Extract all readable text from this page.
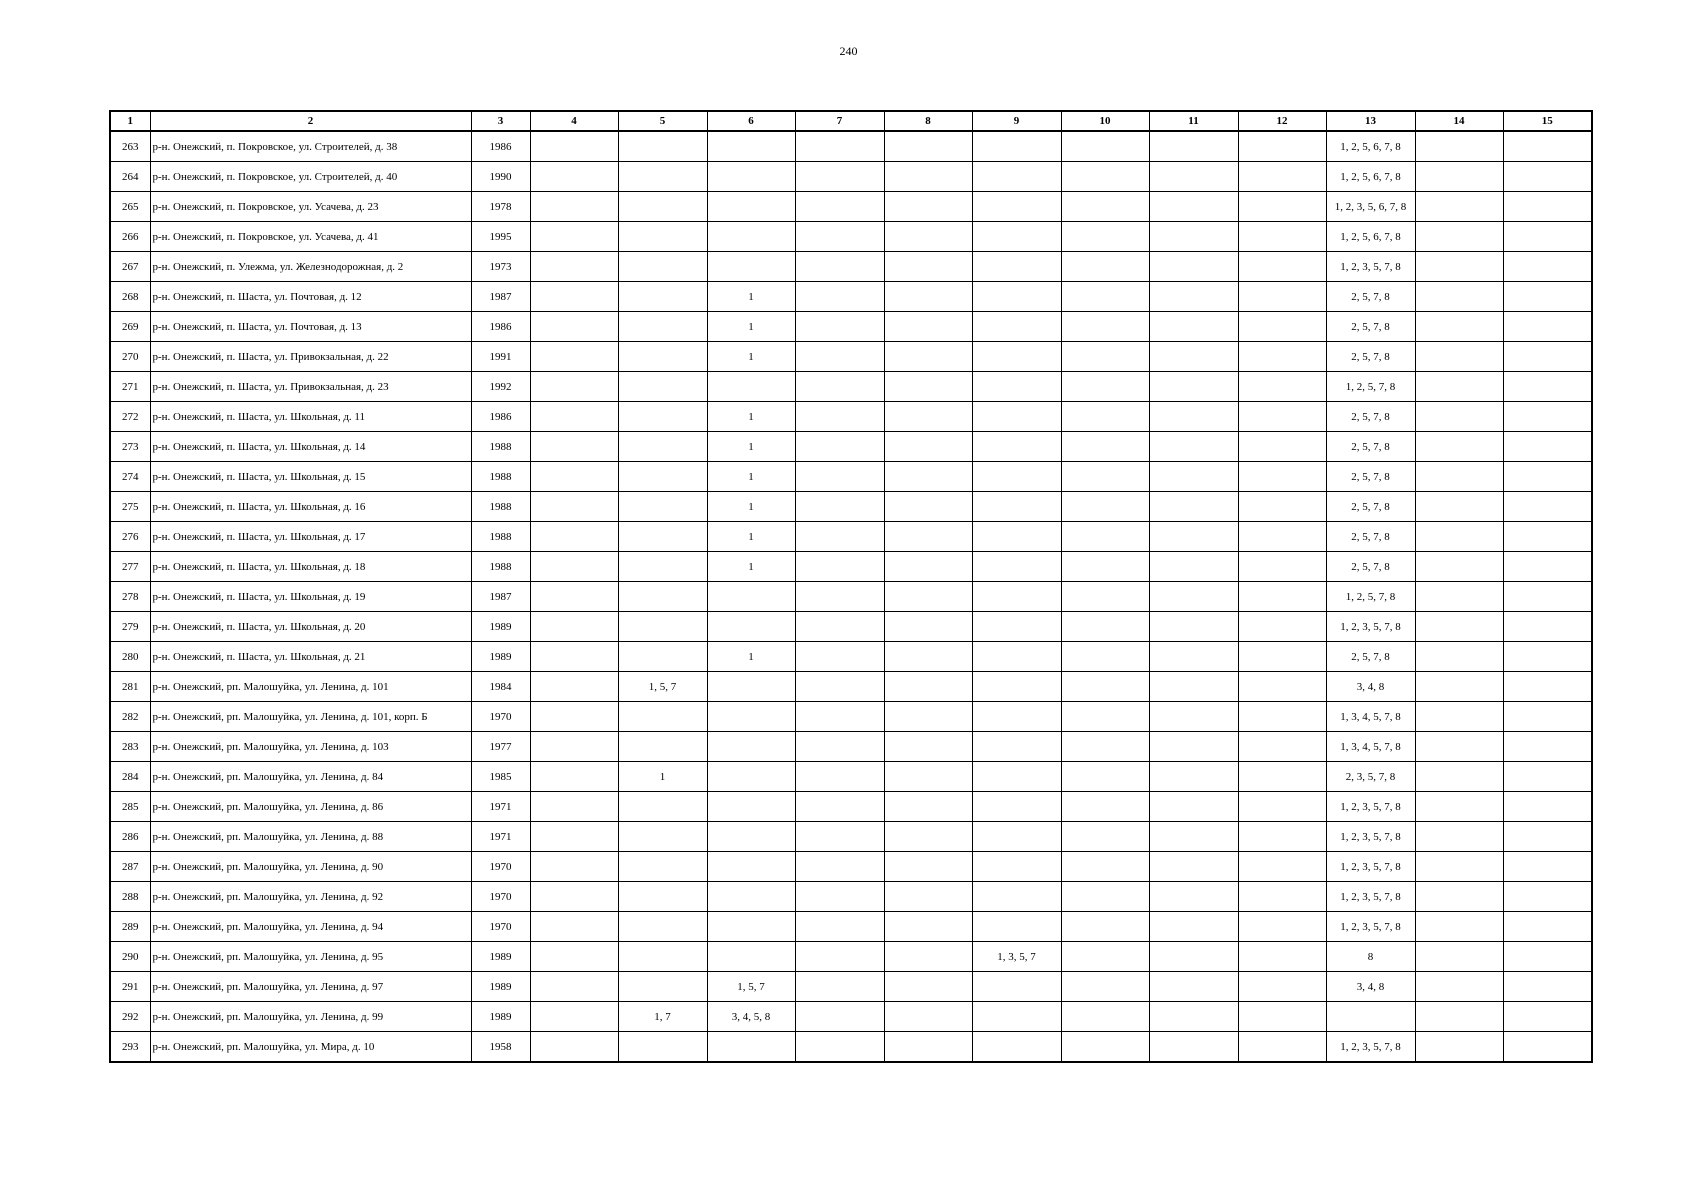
240
1	2	3	4	5	6	7	8	9	10	11	12	13	14	15
263	р-н. Онежский, п. Покровское, ул. Строителей, д. 38	1986										1, 2, 5, 6, 7, 8		
264	р-н. Онежский, п. Покровское, ул. Строителей, д. 40	1990										1, 2, 5, 6, 7, 8		
265	р-н. Онежский, п. Покровское, ул. Усачева, д. 23	1978										1, 2, 3, 5, 6, 7, 8		
266	р-н. Онежский, п. Покровское, ул. Усачева, д. 41	1995										1, 2, 5, 6, 7, 8		
267	р-н. Онежский, п. Улежма, ул. Железнодорожная, д. 2	1973										1, 2, 3, 5, 7, 8		
268	р-н. Онежский, п. Шаста, ул. Почтовая, д. 12	1987			1							2, 5, 7, 8		
269	р-н. Онежский, п. Шаста, ул. Почтовая, д. 13	1986			1							2, 5, 7, 8		
270	р-н. Онежский, п. Шаста, ул. Привокзальная, д. 22	1991			1							2, 5, 7, 8		
271	р-н. Онежский, п. Шаста, ул. Привокзальная, д. 23	1992										1, 2, 5, 7, 8		
272	р-н. Онежский, п. Шаста, ул. Школьная, д. 11	1986			1							2, 5, 7, 8		
273	р-н. Онежский, п. Шаста, ул. Школьная, д. 14	1988			1							2, 5, 7, 8		
274	р-н. Онежский, п. Шаста, ул. Школьная, д. 15	1988			1							2, 5, 7, 8		
275	р-н. Онежский, п. Шаста, ул. Школьная, д. 16	1988			1							2, 5, 7, 8		
276	р-н. Онежский, п. Шаста, ул. Школьная, д. 17	1988			1							2, 5, 7, 8		
277	р-н. Онежский, п. Шаста, ул. Школьная, д. 18	1988			1							2, 5, 7, 8		
278	р-н. Онежский, п. Шаста, ул. Школьная, д. 19	1987										1, 2, 5, 7, 8		
279	р-н. Онежский, п. Шаста, ул. Школьная, д. 20	1989										1, 2, 3, 5, 7, 8		
280	р-н. Онежский, п. Шаста, ул. Школьная, д. 21	1989			1							2, 5, 7, 8		
281	р-н. Онежский, рп. Малошуйка, ул. Ленина, д. 101	1984		1, 5, 7								3, 4, 8		
282	р-н. Онежский, рп. Малошуйка, ул. Ленина, д. 101, корп. Б	1970										1, 3, 4, 5, 7, 8		
283	р-н. Онежский, рп. Малошуйка, ул. Ленина, д. 103	1977										1, 3, 4, 5, 7, 8		
284	р-н. Онежский, рп. Малошуйка, ул. Ленина, д. 84	1985		1								2, 3, 5, 7, 8		
285	р-н. Онежский, рп. Малошуйка, ул. Ленина, д. 86	1971										1, 2, 3, 5, 7, 8		
286	р-н. Онежский, рп. Малошуйка, ул. Ленина, д. 88	1971										1, 2, 3, 5, 7, 8		
287	р-н. Онежский, рп. Малошуйка, ул. Ленина, д. 90	1970										1, 2, 3, 5, 7, 8		
288	р-н. Онежский, рп. Малошуйка, ул. Ленина, д. 92	1970										1, 2, 3, 5, 7, 8		
289	р-н. Онежский, рп. Малошуйка, ул. Ленина, д. 94	1970										1, 2, 3, 5, 7, 8		
290	р-н. Онежский, рп. Малошуйка, ул. Ленина, д. 95	1989						1, 3, 5, 7				8		
291	р-н. Онежский, рп. Малошуйка, ул. Ленина, д. 97	1989			1, 5, 7							3, 4, 8		
292	р-н. Онежский, рп. Малошуйка, ул. Ленина, д. 99	1989		1, 7	3, 4, 5, 8									
293	р-н. Онежский, рп. Малошуйка, ул. Мира, д. 10	1958										1, 2, 3, 5, 7, 8		
